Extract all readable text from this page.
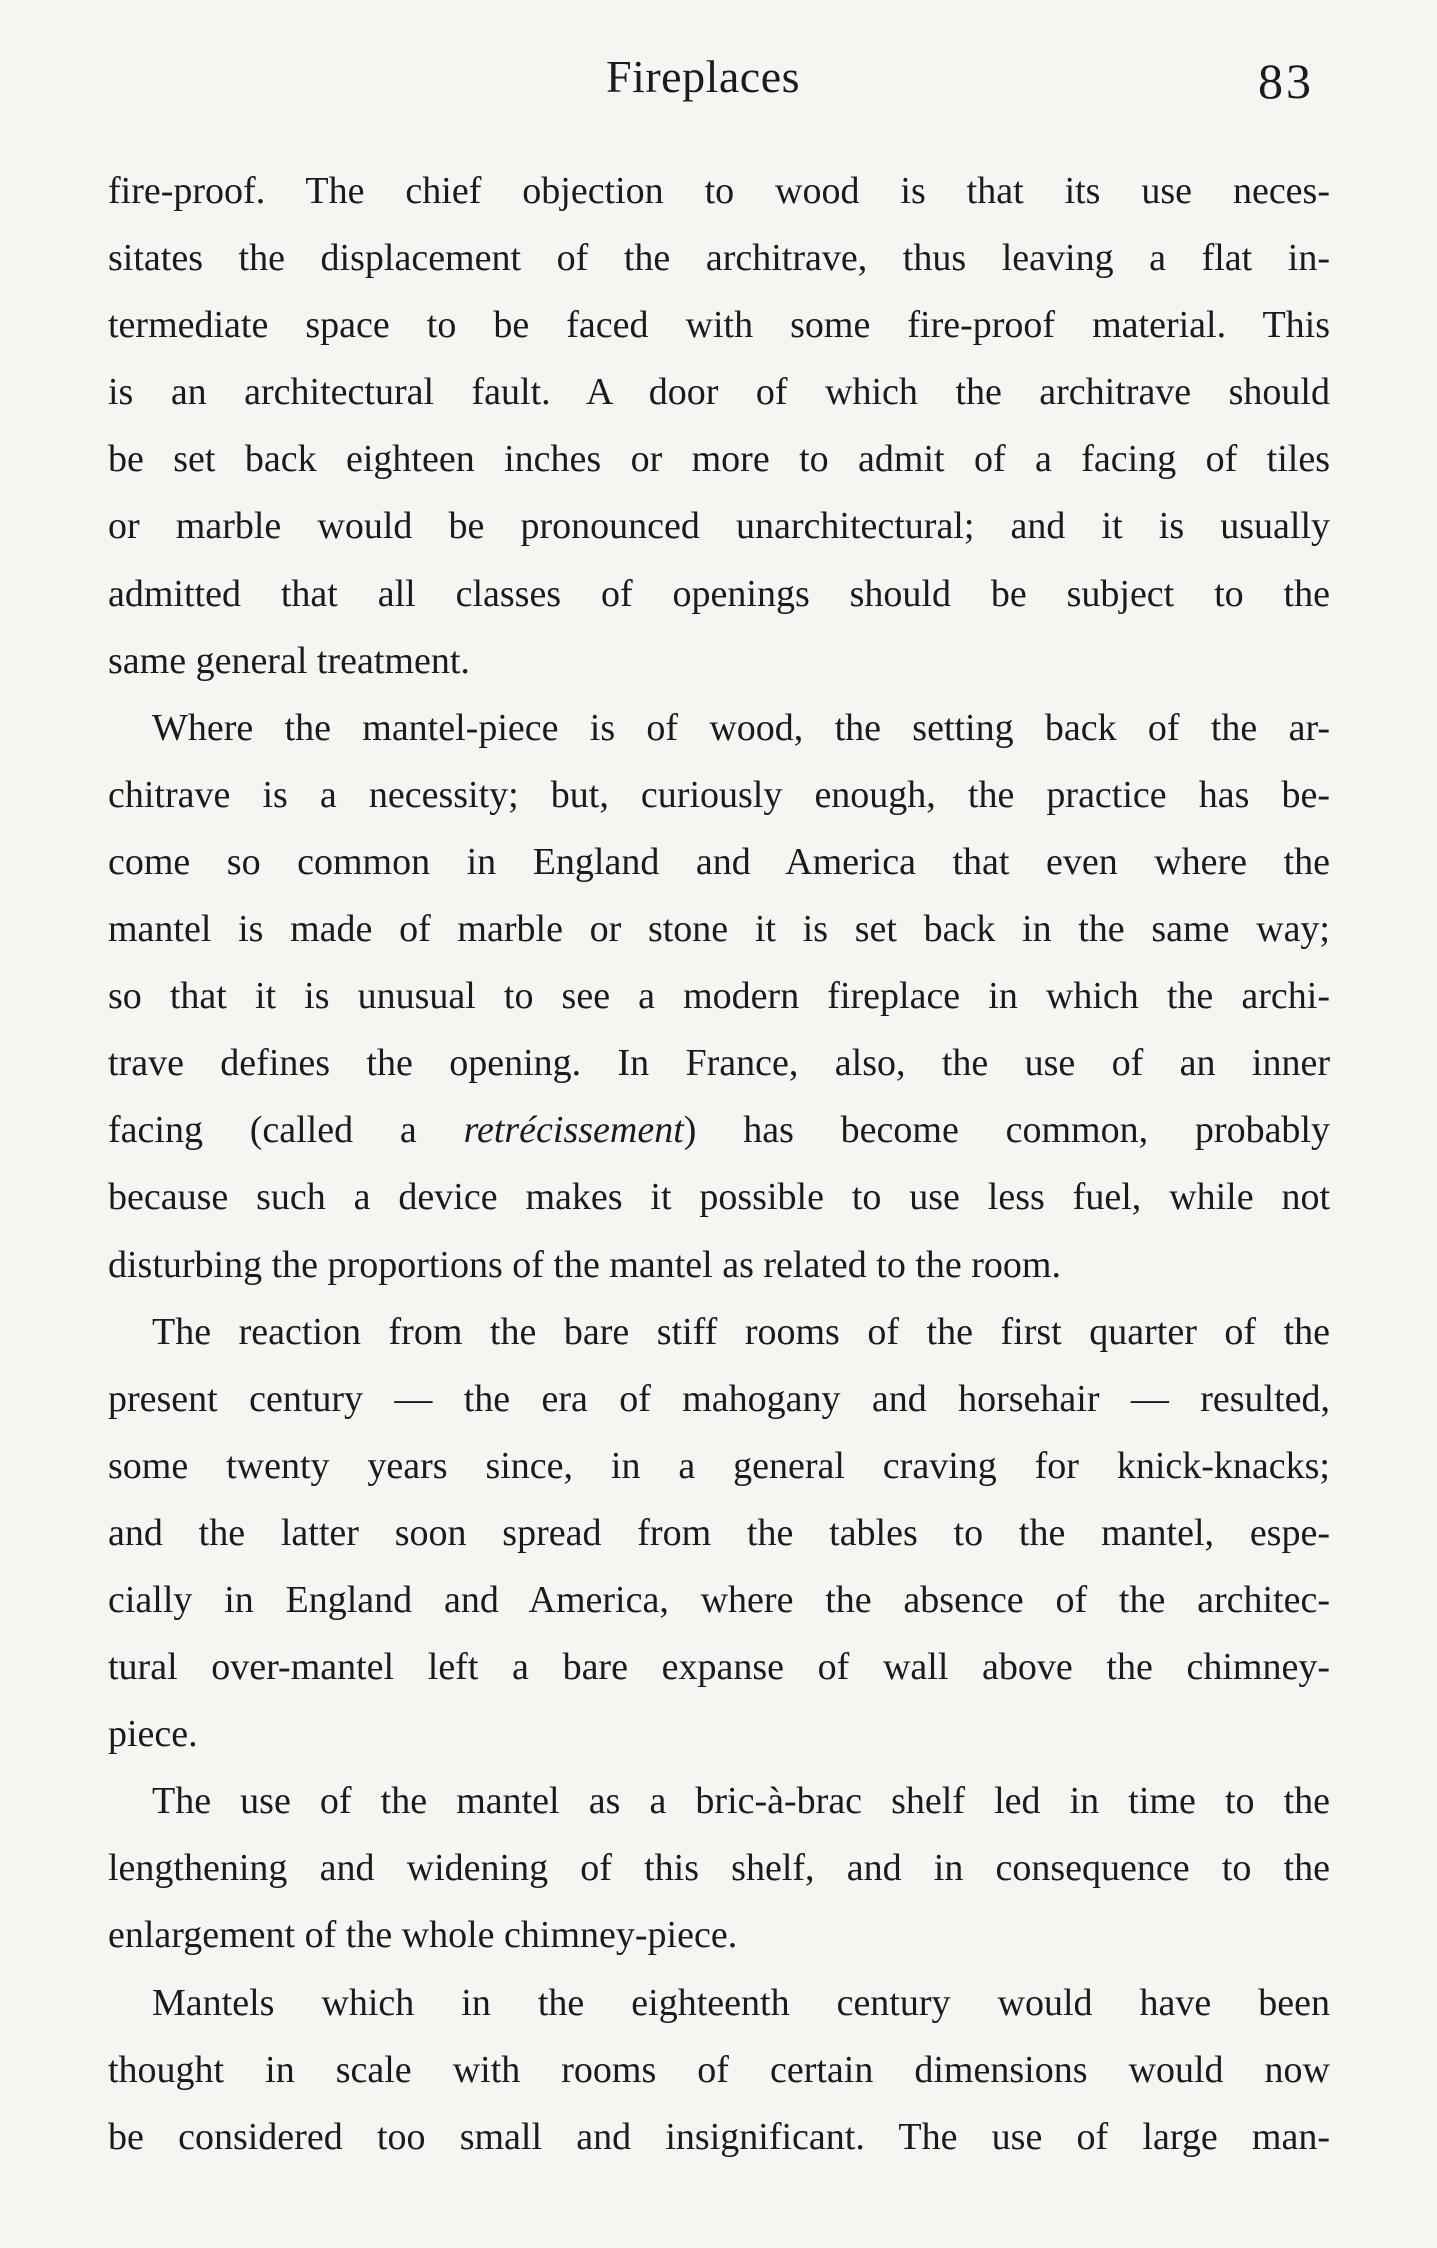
Fireplaces	83
fire-proof. The chief objection to wood is that its use neces-
sitates the displacement of the architrave, thus leaving a flat in-
termediate space to be faced with some fire-proof material. This
is an architectural fault. A door of which the architrave should
be set back eighteen inches or more to admit of a facing of tiles
or marble would be pronounced unarchitectural; and it is usually
admitted that all classes of openings should be subject to the
same general treatment.
Where the mantel-piece is of wood, the setting back of the ar-
chitrave is a necessity; but, curiously enough, the practice has be-
come so common in England and America that even where the
mantel is made of marble or stone it is set back in the same way;
so that it is unusual to see a modern fireplace in which the archi-
trave defines the opening. In France, also, the use of an inner
facing (called a retrécissement) has become common, probably
because such a device makes it possible to use less fuel, while not
disturbing the proportions of the mantel as related to the room.
The reaction from the bare stiff rooms of the first quarter of the
present century — the era of mahogany and horsehair — resulted,
some twenty years since, in a general craving for knick-knacks;
and the latter soon spread from the tables to the mantel, espe-
cially in England and America, where the absence of the architec-
tural over-mantel left a bare expanse of wall above the chimney-
piece.
The use of the mantel as a bric-à-brac shelf led in time to the
lengthening and widening of this shelf, and in consequence to the
enlargement of the whole chimney-piece.
Mantels which in the eighteenth century would have been
thought in scale with rooms of certain dimensions would now
be considered too small and insignificant. The use of large man-
